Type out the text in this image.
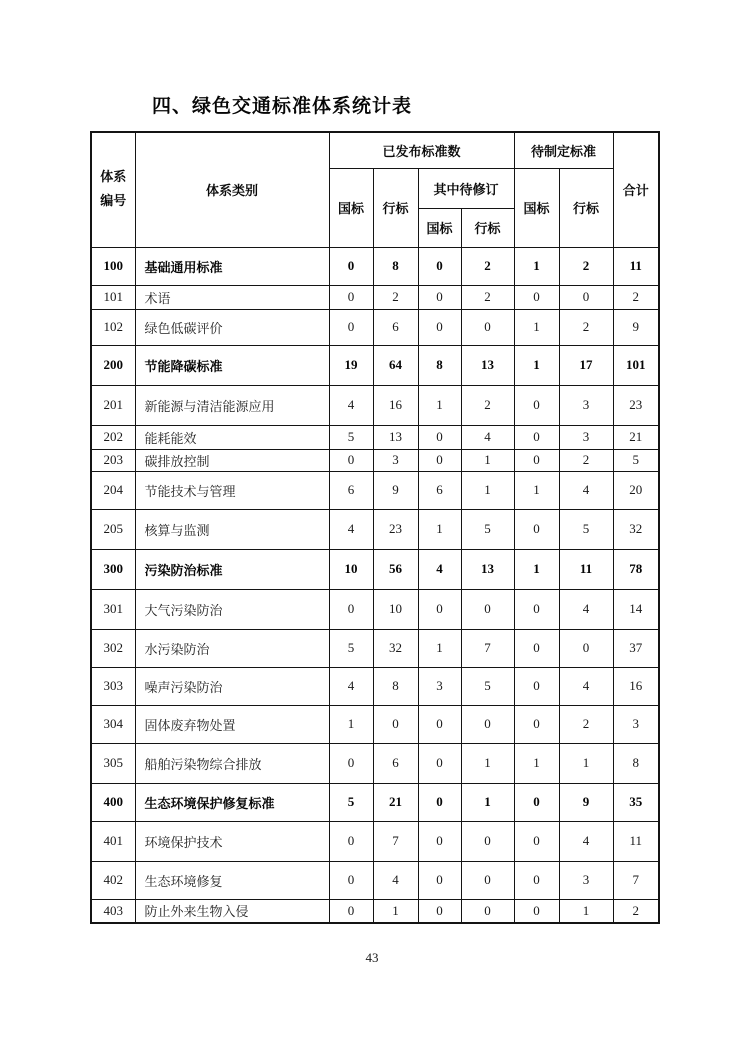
四、绿色交通标准体系统计表
体系
编号	体系类别	已发布标准数				待制定标准		合计
		国标	行标	其中待修订		国标	行标	
				国标	行标			
100	基础通用标准	0	8	0	2	1	2	11
101	术语	0	2	0	2	0	0	2
102	绿色低碳评价	0	6	0	0	1	2	9
200	节能降碳标准	19	64	8	13	1	17	101
201	新能源与清洁能源应用	4	16	1	2	0	3	23
202	能耗能效	5	13	0	4	0	3	21
203	碳排放控制	0	3	0	1	0	2	5
204	节能技术与管理	6	9	6	1	1	4	20
205	核算与监测	4	23	1	5	0	5	32
300	污染防治标准	10	56	4	13	1	11	78
301	大气污染防治	0	10	0	0	0	4	14
302	水污染防治	5	32	1	7	0	0	37
303	噪声污染防治	4	8	3	5	0	4	16
304	固体废弃物处置	1	0	0	0	0	2	3
305	船舶污染物综合排放	0	6	0	1	1	1	8
400	生态环境保护修复标准	5	21	0	1	0	9	35
401	环境保护技术	0	7	0	0	0	4	11
402	生态环境修复	0	4	0	0	0	3	7
403	防止外来生物入侵	0	1	0	0	0	1	2
43
